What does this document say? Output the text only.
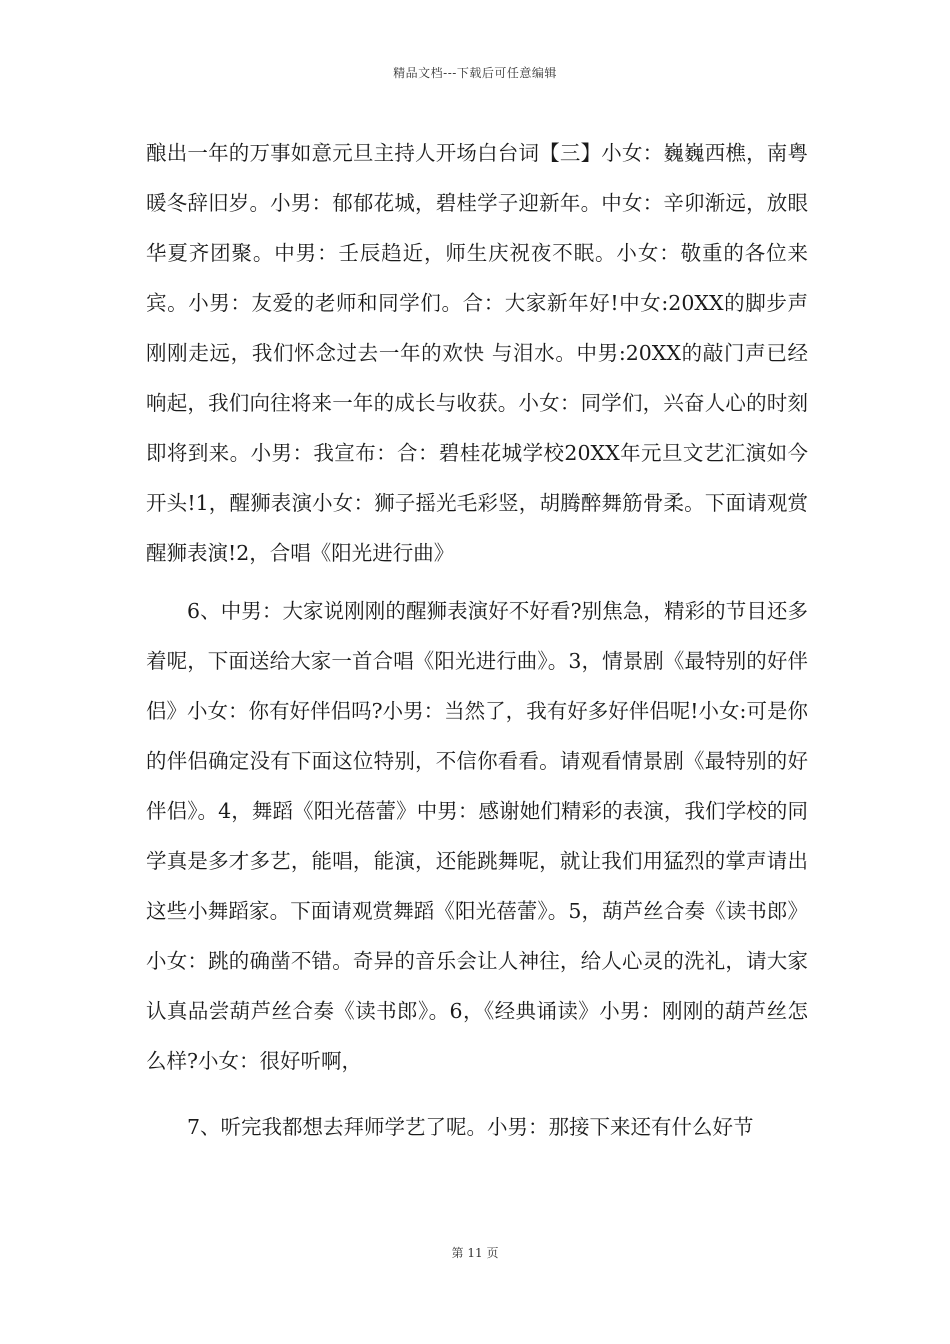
精品文档---下载后可任意编辑

酿出一年的万事如意元旦主持人开场白台词【三】小女：巍巍西樵，南粤暖冬辞旧岁。小男：郁郁花城，碧桂学子迎新年。中女：辛卯渐远，放眼华夏齐团聚。中男：壬辰趋近，师生庆祝夜不眠。小女：敬重的各位来宾。小男：友爱的老师和同学们。合：大家新年好!中女:20XX的脚步声刚刚走远，我们怀念过去一年的欢快 与泪水。中男:20XX的敲门声已经响起，我们向往将来一年的成长与收获。小女：同学们，兴奋人心的时刻即将到来。小男：我宣布：合：碧桂花城学校20XX年元旦文艺汇演如今开头!1，醒狮表演小女：狮子摇光毛彩竖，胡腾醉舞筋骨柔。下面请观赏醒狮表演!2，合唱《阳光进行曲》

6、中男：大家说刚刚的醒狮表演好不好看?别焦急，精彩的节目还多着呢，下面送给大家一首合唱《阳光进行曲》。3，情景剧《最特别的好伴侣》小女：你有好伴侣吗?小男：当然了，我有好多好伴侣呢!小女:可是你的伴侣确定没有下面这位特别，不信你看看。请观看情景剧《最特别的好伴侣》。4，舞蹈《阳光蓓蕾》中男：感谢她们精彩的表演，我们学校的同学真是多才多艺，能唱，能演，还能跳舞呢，就让我们用猛烈的掌声请出这些小舞蹈家。下面请观赏舞蹈《阳光蓓蕾》。5，葫芦丝合奏《读书郎》小女：跳的确凿不错。奇异的音乐会让人神往，给人心灵的洗礼，请大家认真品尝葫芦丝合奏《读书郎》。6，《经典诵读》小男：刚刚的葫芦丝怎么样?小女：很好听啊，

7、听完我都想去拜师学艺了呢。小男：那接下来还有什么好节

第 11 页
